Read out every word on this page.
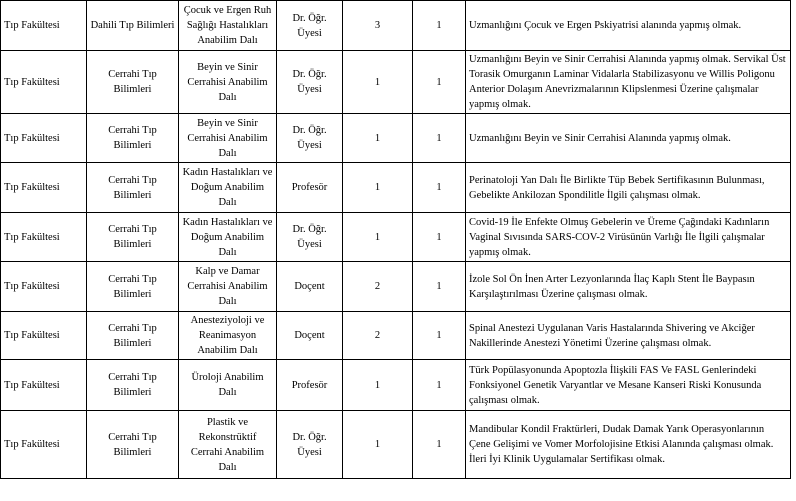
Tıp Fakültesi	Dahili Tıp Bilimleri	Çocuk ve Ergen Ruh Sağlığı Hastalıkları Anabilim Dalı	Dr. Öğr. Üyesi	3	1	Uzmanlığını Çocuk ve Ergen Pskiyatrisi alanında yapmış olmak.
Tıp Fakültesi	Cerrahi Tıp Bilimleri	Beyin ve Sinir Cerrahisi Anabilim Dalı	Dr. Öğr. Üyesi	1	1	Uzmanlığını Beyin ve Sinir Cerrahisi Alanında yapmış olmak. Servikal Üst Torasik Omurganın Laminar Vidalarla Stabilizasyonu ve Willis Poligonu Anterior Dolaşım Anevrizmalarının Klipslenmesi Üzerine çalışmalar yapmış olmak.
Tıp Fakültesi	Cerrahi Tıp Bilimleri	Beyin ve Sinir Cerrahisi Anabilim Dalı	Dr. Öğr. Üyesi	1	1	Uzmanlığını Beyin ve Sinir Cerrahisi Alanında yapmış olmak.
Tıp Fakültesi	Cerrahi Tıp Bilimleri	Kadın Hastalıkları ve Doğum Anabilim Dalı	Profesör	1	1	Perinatoloji Yan Dalı İle Birlikte Tüp Bebek Sertifikasının Bulunması, Gebelikte Ankilozan Spondilitle İlgili çalışması olmak.
Tıp Fakültesi	Cerrahi Tıp Bilimleri	Kadın Hastalıkları ve Doğum Anabilim Dalı	Dr. Öğr. Üyesi	1	1	Covid-19 İle Enfekte Olmuş Gebelerin ve Üreme Çağındaki Kadınların Vaginal Sıvısında SARS-COV-2 Virüsünün Varlığı İle İlgili çalışmalar yapmış olmak.
Tıp Fakültesi	Cerrahi Tıp Bilimleri	Kalp ve Damar Cerrahisi Anabilim Dalı	Doçent	2	1	İzole Sol Ön İnen Arter Lezyonlarında İlaç Kaplı Stent İle Baypasın Karşılaştırılması Üzerine çalışması olmak.
Tıp Fakültesi	Cerrahi Tıp Bilimleri	Anesteziyoloji ve Reanimasyon Anabilim Dalı	Doçent	2	1	Spinal Anestezi Uygulanan Varis Hastalarında Shivering ve Akciğer Nakillerinde Anestezi Yönetimi Üzerine çalışması olmak.
Tıp Fakültesi	Cerrahi Tıp Bilimleri	Üroloji Anabilim Dalı	Profesör	1	1	Türk Popülasyonunda Apoptozla İlişkili FAS Ve FASL Genlerindeki Fonksiyonel Genetik Varyantlar ve Mesane Kanseri Riski Konusunda çalışması olmak.
Tıp Fakültesi	Cerrahi Tıp Bilimleri	Plastik ve Rekonstrüktif Cerrahi Anabilim Dalı	Dr. Öğr. Üyesi	1	1	Mandibular Kondil Fraktürleri, Dudak Damak Yarık Operasyonlarının Çene Gelişimi ve Vomer Morfolojisine Etkisi Alanında çalışması olmak. İleri İyi Klinik Uygulamalar Sertifikası olmak.
